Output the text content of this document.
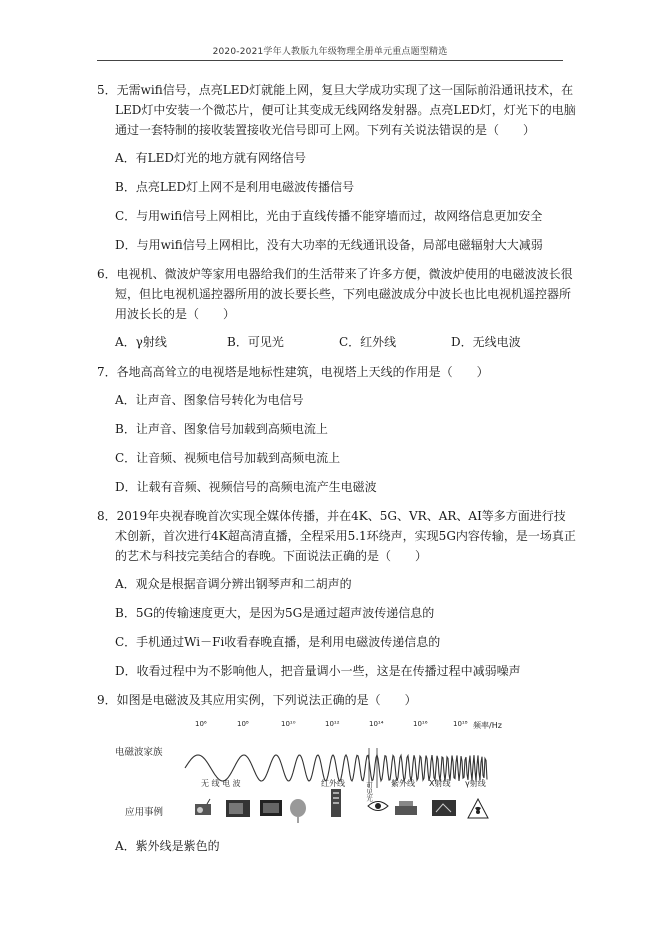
2020-2021学年人教版九年级物理全册单元重点题型精选

5．无需wifi信号，点亮LED灯就能上网，复旦大学成功实现了这一国际前沿通讯技术，在LED灯中安装一个微芯片，便可让其变成无线网络发射器。点亮LED灯，灯光下的电脑通过一套特制的接收装置接收光信号即可上网。下列有关说法错误的是（　　）

A．有LED灯光的地方就有网络信号

B．点亮LED灯上网不是利用电磁波传播信号

C．与用wifi信号上网相比，光由于直线传播不能穿墙而过，故网络信息更加安全

D．与用wifi信号上网相比，没有大功率的无线通讯设备，局部电磁辐射大大减弱

6．电视机、微波炉等家用电器给我们的生活带来了许多方便，微波炉使用的电磁波波长很短，但比电视机遥控器所用的波长要长些，下列电磁波成分中波长也比电视机遥控器所用波长长的是（　　）

A．γ射线	B．可见光	C．红外线	D．无线电波

7．各地高高耸立的电视塔是地标性建筑，电视塔上天线的作用是（　　）

A．让声音、图象信号转化为电信号

B．让声音、图象信号加载到高频电流上

C．让音频、视频电信号加载到高频电流上

D．让载有音频、视频信号的高频电流产生电磁波

8．2019年央视春晚首次实现全媒体传播，并在4K、5G、VR、AR、AI等多方面进行技术创新，首次进行4K超高清直播，全程采用5.1环绕声，实现5G内容传输，是一场真正的艺术与科技完美结合的春晚。下面说法正确的是（　　）

A．观众是根据音调分辨出钢琴声和二胡声的

B．5G的传输速度更大，是因为5G是通过超声波传递信息的

C．手机通过Wi－Fi收看春晚直播，是利用电磁波传递信息的

D．收看过程中为不影响他人，把音量调小一些，这是在传播过程中减弱噪声

9．如图是电磁波及其应用实例，下列说法正确的是（　　）

电磁波家族
应用事例
10⁶	10⁸	10¹⁰	10¹²	10¹⁴	10¹⁶	10¹⁸ 频率/Hz
无 线 电 波	红外线	可见光 紫外线 X射线 γ射线

A．紫外线是紫色的
